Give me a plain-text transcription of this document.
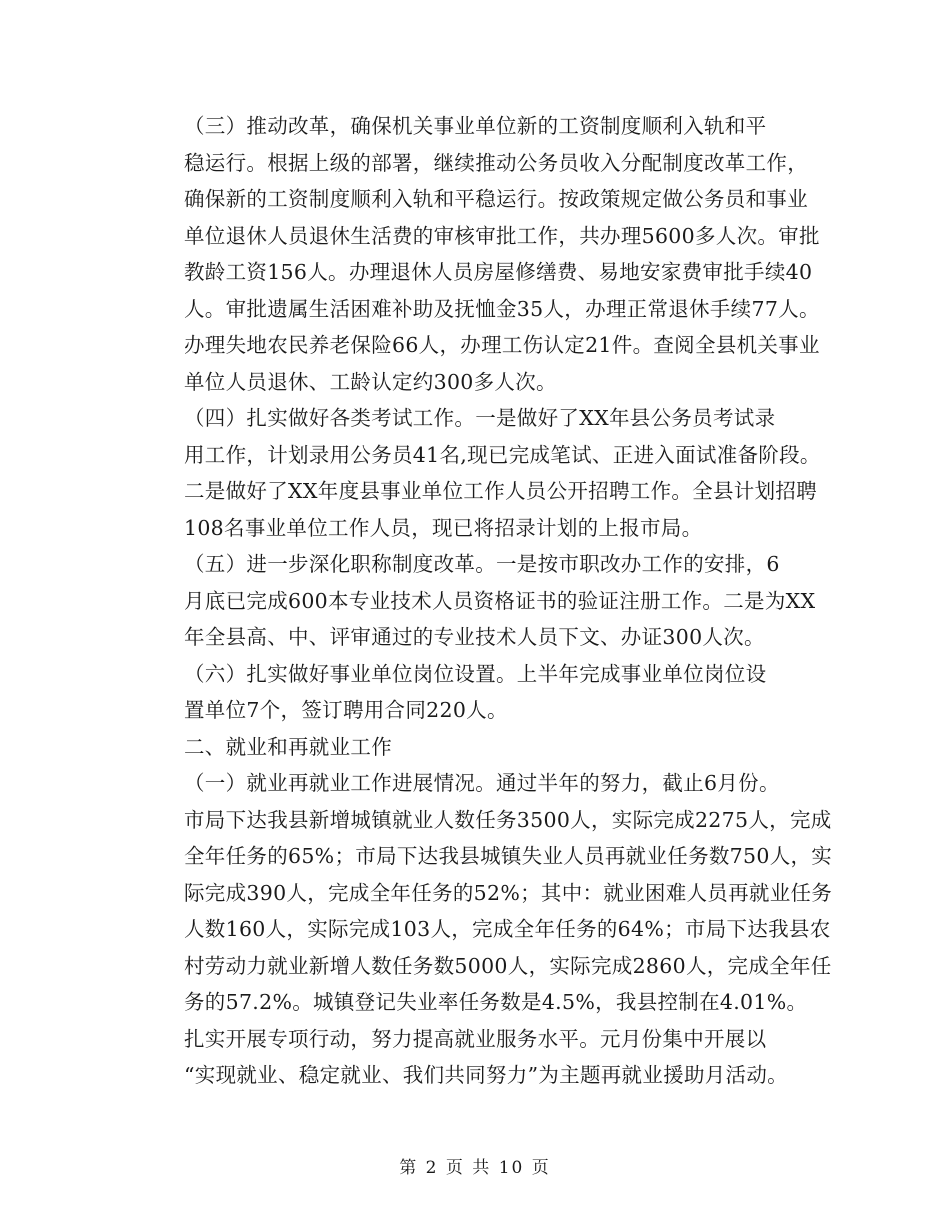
（三）推动改革，确保机关事业单位新的工资制度顺利入轨和平
稳运行。根据上级的部署，继续推动公务员收入分配制度改革工作，
确保新的工资制度顺利入轨和平稳运行。按政策规定做公务员和事业
单位退休人员退休生活费的审核审批工作，共办理5600多人次。审批
教龄工资156人。办理退休人员房屋修缮费、易地安家费审批手续40
人。审批遗属生活困难补助及抚恤金35人，办理正常退休手续77人。
办理失地农民养老保险66人，办理工伤认定21件。查阅全县机关事业
单位人员退休、工龄认定约300多人次。

（四）扎实做好各类考试工作。一是做好了XX年县公务员考试录
用工作，计划录用公务员41名,现已完成笔试、正进入面试准备阶段。
二是做好了XX年度县事业单位工作人员公开招聘工作。全县计划招聘
108名事业单位工作人员，现已将招录计划的上报市局。

（五）进一步深化职称制度改革。一是按市职改办工作的安排，6
月底已完成600本专业技术人员资格证书的验证注册工作。二是为XX
年全县高、中、评审通过的专业技术人员下文、办证300人次。

（六）扎实做好事业单位岗位设置。上半年完成事业单位岗位设
置单位7个，签订聘用合同220人。

二、就业和再就业工作

（一）就业再就业工作进展情况。通过半年的努力，截止6月份。
市局下达我县新增城镇就业人数任务3500人，实际完成2275人，完成
全年任务的65%；市局下达我县城镇失业人员再就业任务数750人，实
际完成390人，完成全年任务的52%；其中：就业困难人员再就业任务
人数160人，实际完成103人，完成全年任务的64%；市局下达我县农
村劳动力就业新增人数任务数5000人，实际完成2860人，完成全年任
务的57.2%。城镇登记失业率任务数是4.5%，我县控制在4.01%。

扎实开展专项行动，努力提高就业服务水平。元月份集中开展以
“实现就业、稳定就业、我们共同努力”为主题再就业援助月活动。

第 2 页 共 10 页
